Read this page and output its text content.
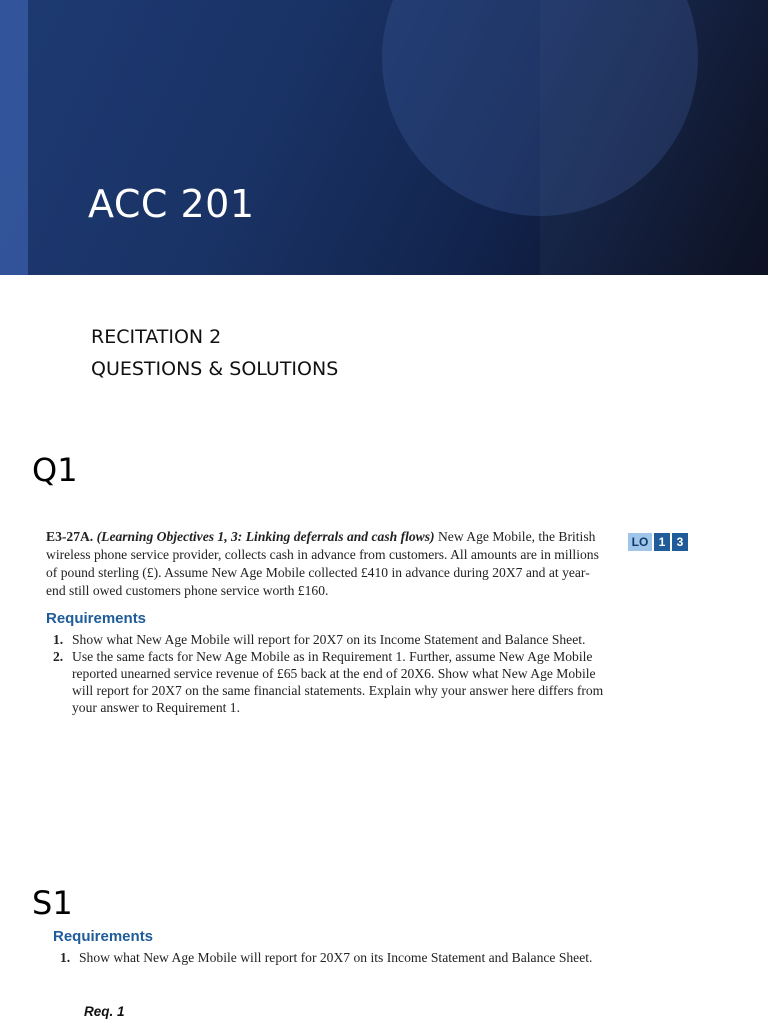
ACC 201
RECITATION 2
QUESTIONS & SOLUTIONS
Q1

E3-27A. (Learning Objectives 1, 3: Linking deferrals and cash flows) New Age Mobile, the British wireless phone service provider, collects cash in advance from customers. All amounts are in millions of pound sterling (£). Assume New Age Mobile collected £410 in advance during 20X7 and at year-end still owed customers phone service worth £160.

Requirements
1. Show what New Age Mobile will report for 20X7 on its Income Statement and Balance Sheet.
2. Use the same facts for New Age Mobile as in Requirement 1. Further, assume New Age Mobile reported unearned service revenue of £65 back at the end of 20X6. Show what New Age Mobile will report for 20X7 on the same financial statements. Explain why your answer here differs from your answer to Requirement 1.
LO 1 3
S1
Requirements
1. Show what New Age Mobile will report for 20X7 on its Income Statement and Balance Sheet.
Req. 1
